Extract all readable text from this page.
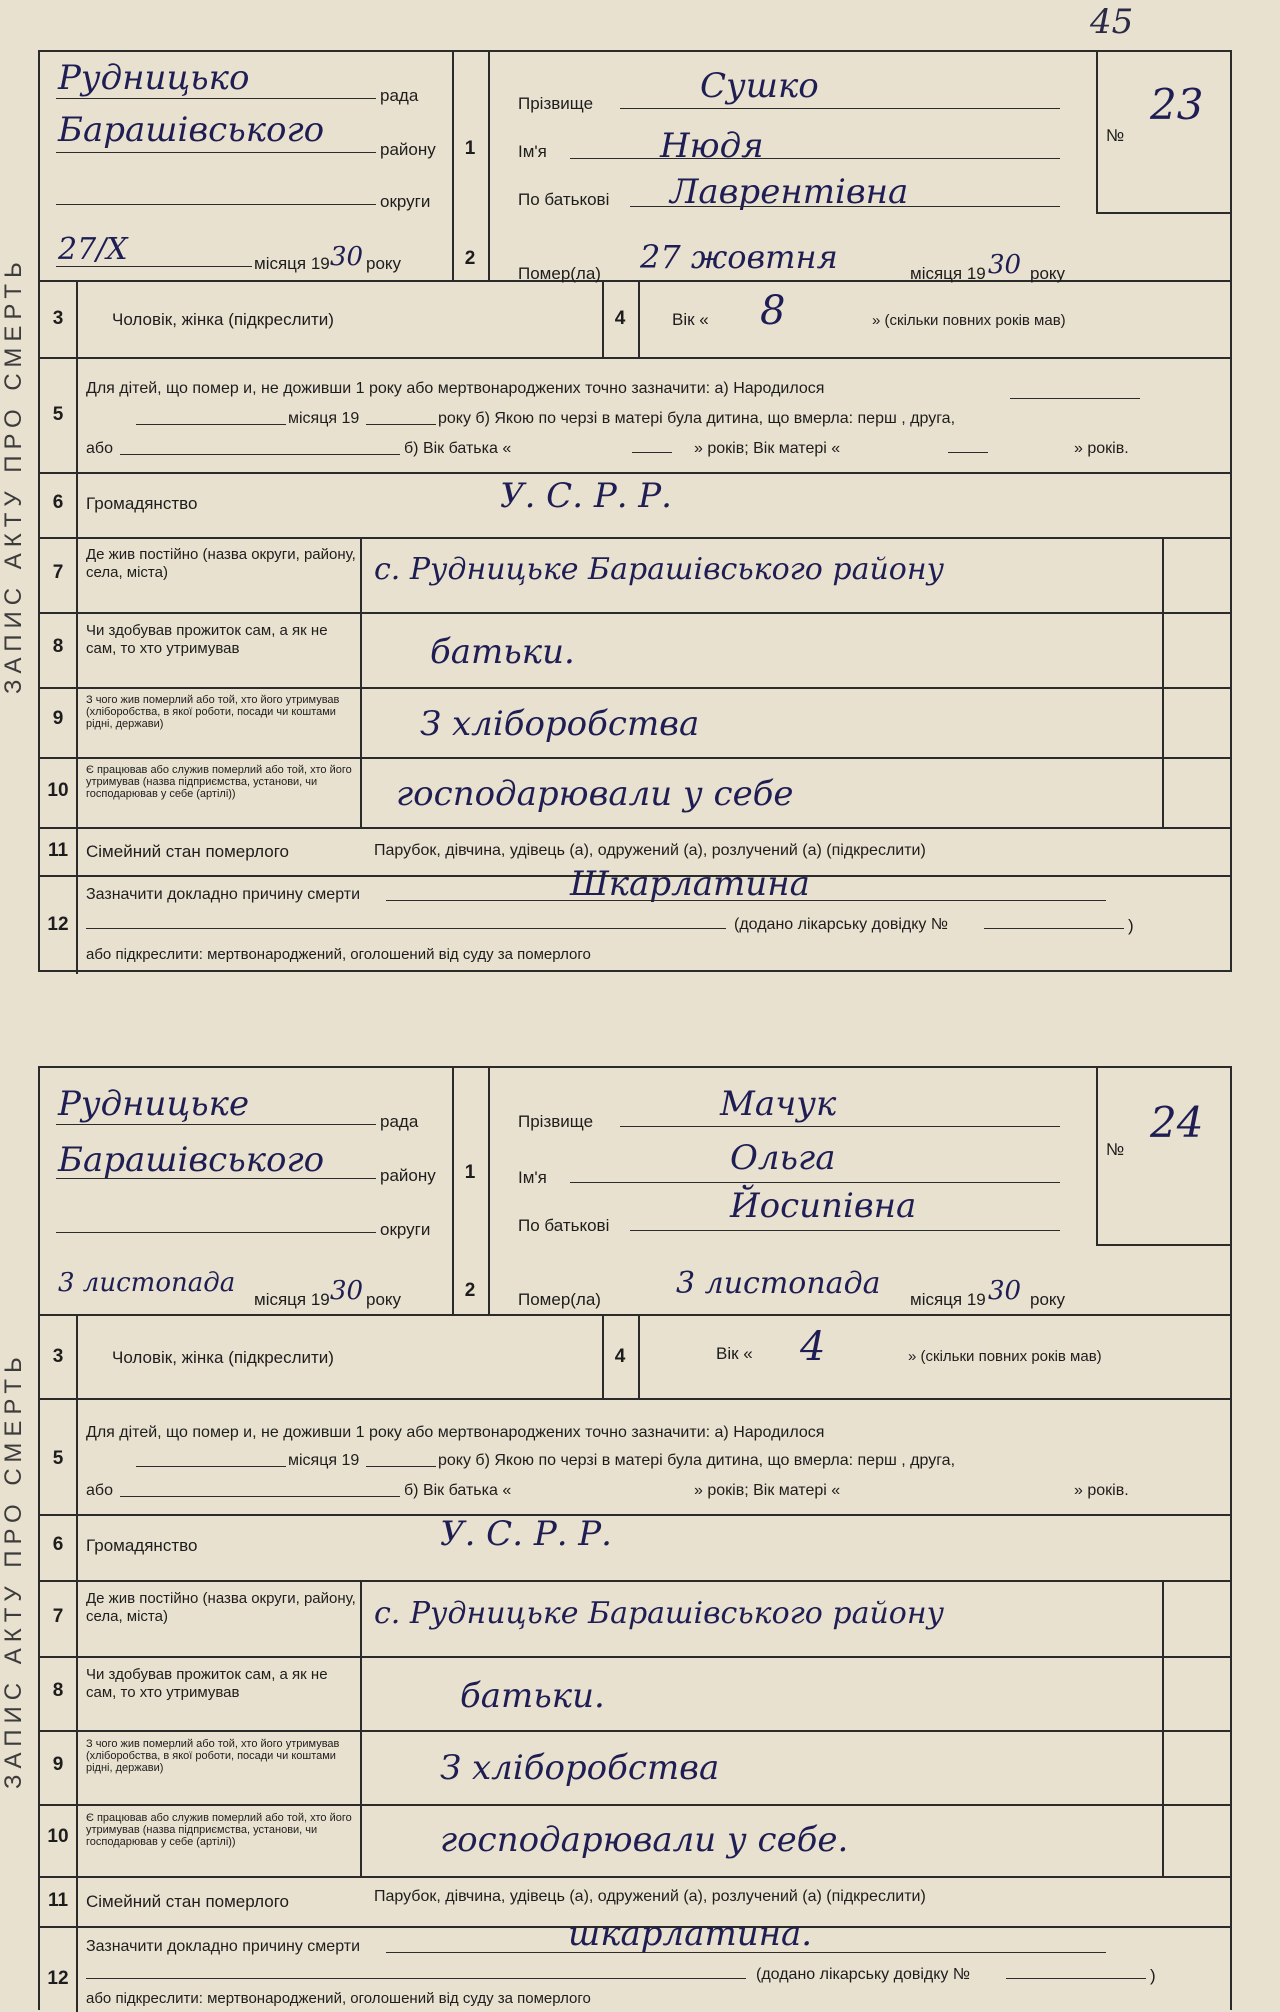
45
ЗАПИС АКТУ ПРО СМЕРТЬ
ЗАПИС АКТУ ПРО СМЕРТЬ
Рудницько	рада
Барашівського	району
округи
27/X	місяця 19 30 року
1
2
Прізвище	Сушко
Ім'я	Нюдя
По батькові Лаврентівна
№
23
Помер(ла) 27 жовтня	місяця 19 30 року
3	Чоловік, жінка (підкреслити)	4	Вік « 8	» (скільки повних років мав)
5
Для дітей, що помер и, не доживши 1 року або мертвонароджених точно зазначити: а) Народилося
місяця 19	року б) Якою по черзі в матері була дитина, що вмерла: перш , друга,
або	б) Вік батька «	» років; Вік матері «	» років.
6	Громадянство	У. С. Р. Р.
7
Де жив постійно (назва округи, району, села, міста)	с. Рудницьке Барашівського району
8
Чи здобував прожиток сам, а як не сам, то хто утримував	батьки.
9
З чого жив померлий або той, хто його утримував (хліборобства, в якої роботи, посади чи коштами рідні, держави)	З хліборобства
10
Є працював або служив померлий або той, хто його утримував (назва підприємства, установи, чи господарював у себе (артілі))	господарювали у себе
11	Сімейний стан померлого	Парубок, дівчина, удівець (а), одружений (а), розлучений (а) (підкреслити)
12
Зазначити докладно причину смерти	Шкарлатина
(додано лікарську довідку №	)
або підкреслити: мертвонароджений, оголошений від суду за померлого
Рудницьке	рада
Барашівського	району
округи
3 листопада
місяця 19 30 року
1
2
Прізвище	Мачук
Ім'я	Ольга
По батькові	Йосипівна
№
24
Помер(ла)	3 листопада місяця 19 30 року
3	Чоловік, жінка (підкреслити)	4	Вік « 4	» (скільки повних років мав)
5
Для дітей, що помер и, не доживши 1 року або мертвонароджених точно зазначити: а) Народилося
місяця 19	року б) Якою по черзі в матері була дитина, що вмерла: перш , друга,
або	б) Вік батька «	» років; Вік матері «	» років.
6	Громадянство	У. С. Р. Р.
7
Де жив постійно (назва округи, району, села, міста)	с. Рудницьке Барашівського району
8
Чи здобував прожиток сам, а як не сам, то хто утримував	батьки.
9
З чого жив померлий або той, хто його утримував (хліборобства, в якої роботи, посади чи коштами рідні, держави)	З хліборобства
10
Є працював або служив померлий або той, хто його утримував (назва підприємства, установи, чи господарював у себе (артілі))	господарювали у себе.
11	Сімейний стан померлого	Парубок, дівчина, удівець (а), одружений (а), розлучений (а) (підкреслити)
12
Зазначити докладно причину смерти	шкарлатина.
(додано лікарську довідку №	)
або підкреслити: мертвонароджений, оголошений від суду за померлого
